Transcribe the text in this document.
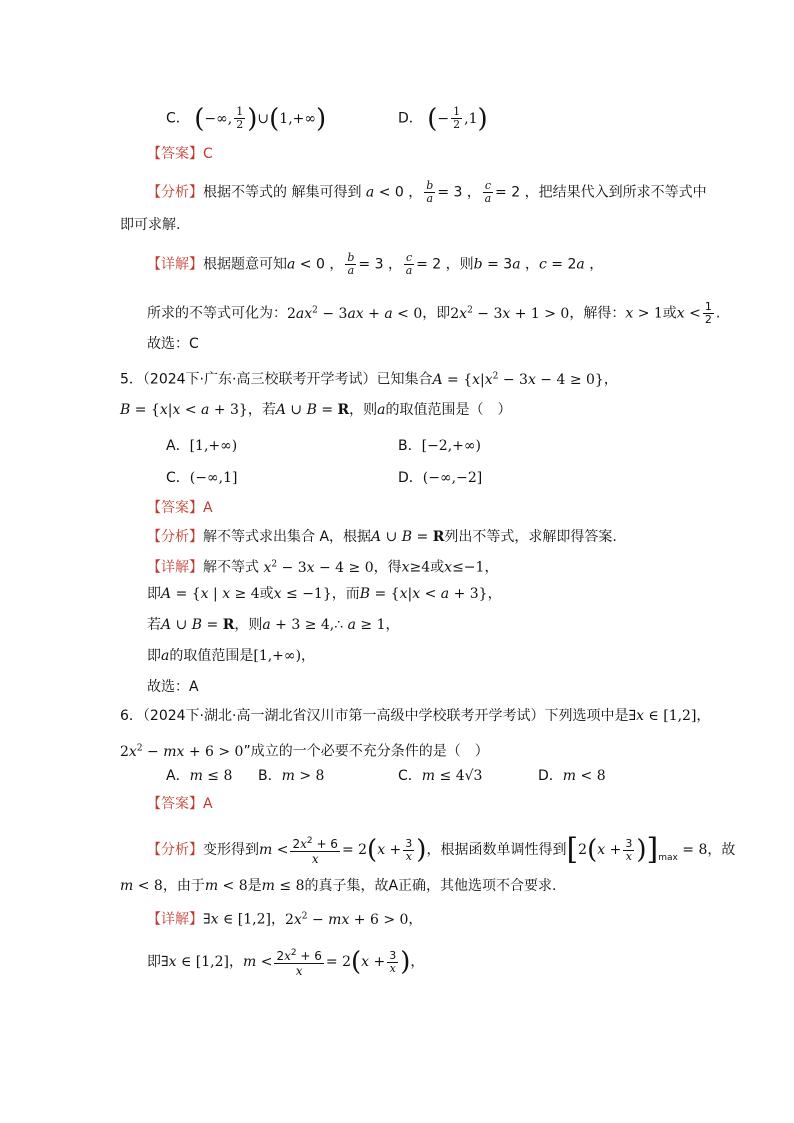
C． (−∞, $\frac{1}{2}$ )∪(1,+∞)	D． (− $\frac{1}{2} ,1$)
【答案】C
【分析】根据不等式的 解集可得到 a < 0 ， $\frac{b}{a} = 3$ ， $\frac{c}{a} = 2$ ，把结果代入到所求不等式中
即可求解.
【详解】根据题意可知a < 0 ， $\frac{b}{a} = 3$ ， $\frac{c}{a} = 2$ ，则b = 3a ，c = 2a ，
所求的不等式可化为：$2ax^2 - 3ax + a < 0$，即$2x^2 - 3x + 1 > 0$，解得：x > 1或$x < \frac{1}{2}$ .
故选：C
5．（2024下·广东·高三校联考开学考试）已知集合$A = \{x|x^2 - 3x - 4 \ge 0\}$，
B = {x|x < a + 3}，若A ∪ B = R，则a的取值范围是（　）
A．[1,+∞)	B．[−2,+∞)
C．(−∞,1]	D．(−∞,−2]
【答案】A
【分析】解不等式求出集合 A，根据A ∪ B = R列出不等式，求解即得答案.
【详解】解不等式 $x^2 - 3x - 4 \ge 0$，得x≥4或x≤−1，
即A = {x | x ≥ 4或x ≤ −1}，而B = {x|x < a + 3}，
若A ∪ B = R，则a + 3 ≥ 4,∴ a ≥ 1，
即a的取值范围是[1,+∞)，
故选：A
6．（2024下·湖北·高一湖北省汉川市第一高级中学校联考开学考试）下列选项中是∃x ∈ [1,2]，
$2x^2$ − mx + 6 > 0”成立的一个必要不充分条件的是（　）
A．m ≤ 8 B．m > 8	C．m ≤ 4√3	D．m < 8
【答案】A
【分析】变形得到$m < \frac{2x^2 + 6}{x} = 2(x + \frac{3}{x}$ )，根据函数单调性得到$[2(x + \frac{3}{x} )]_{max} = 8$，故
m < 8，由于m < 8是m ≤ 8的真子集，故A正确，其他选项不合要求.
【详解】∃x ∈ [1,2]，$2x^2$ − mx + 6 > 0，
即∃x ∈ [1,2]，$m < \frac{2x^2 + 6}{x} = 2(x + \frac{3}{x}$ )，
